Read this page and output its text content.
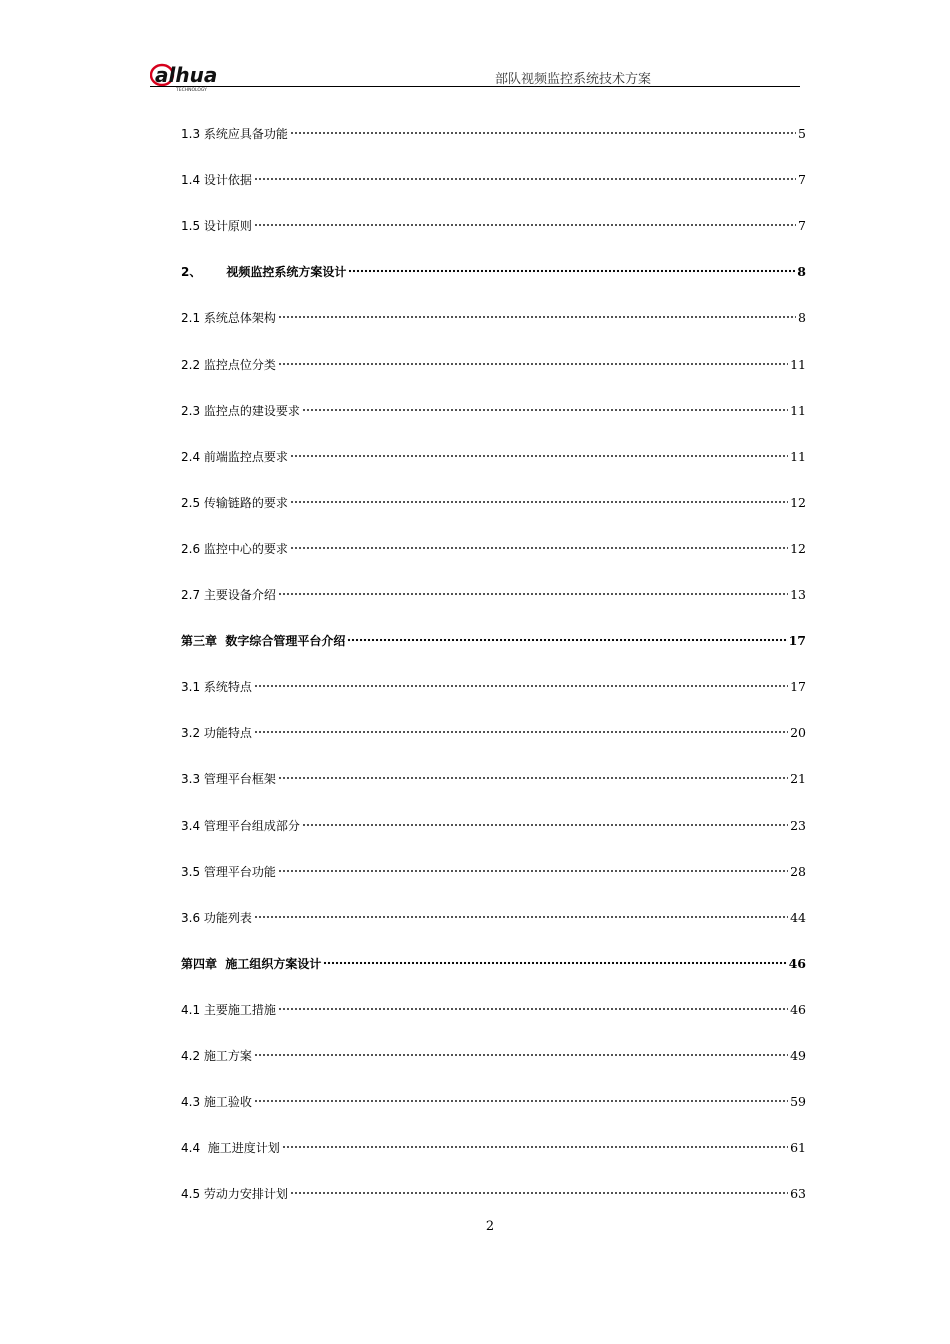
alhua
TECHNOLOGY
部队视频监控系统技术方案
1.3 系统应具备功能	5
1.4 设计依据	7
1.5 设计原则	7
2、      视频监控系统方案设计	8
2.1 系统总体架构	8
2.2 监控点位分类	11
2.3 监控点的建设要求	11
2.4 前端监控点要求	11
2.5 传输链路的要求	12
2.6 监控中心的要求	12
2.7 主要设备介绍	13
第三章  数字综合管理平台介绍	17
3.1 系统特点	17
3.2 功能特点	20
3.3 管理平台框架	21
3.4 管理平台组成部分	23
3.5 管理平台功能	28
3.6 功能列表	44
第四章  施工组织方案设计	46
4.1 主要施工措施	46
4.2 施工方案	49
4.3 施工验收	59
4.4  施工进度计划	61
4.5 劳动力安排计划	63
2
